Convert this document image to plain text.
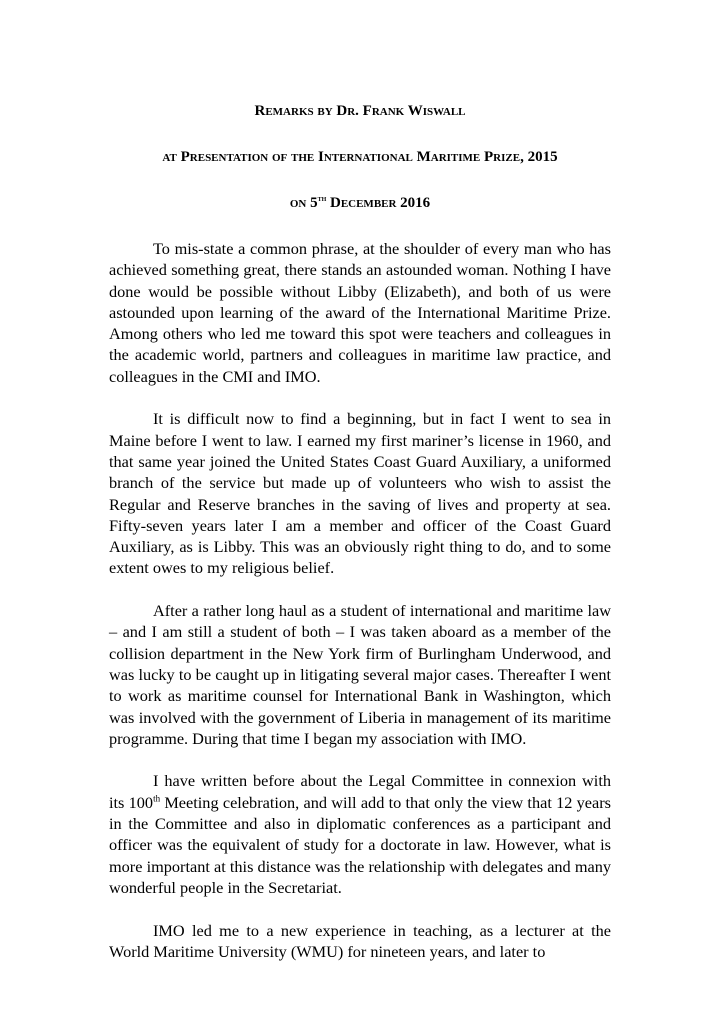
Remarks by Dr. Frank Wiswall
at Presentation of the International Maritime Prize, 2015
on 5th December 2016

To mis-state a common phrase, at the shoulder of every man who has achieved something great, there stands an astounded woman. Nothing I have done would be possible without Libby (Elizabeth), and both of us were astounded upon learning of the award of the International Maritime Prize. Among others who led me toward this spot were teachers and colleagues in the academic world, partners and colleagues in maritime law practice, and colleagues in the CMI and IMO.

It is difficult now to find a beginning, but in fact I went to sea in Maine before I went to law. I earned my first mariner’s license in 1960, and that same year joined the United States Coast Guard Auxiliary, a uniformed branch of the service but made up of volunteers who wish to assist the Regular and Reserve branches in the saving of lives and property at sea. Fifty-seven years later I am a member and officer of the Coast Guard Auxiliary, as is Libby. This was an obviously right thing to do, and to some extent owes to my religious belief.

After a rather long haul as a student of international and maritime law – and I am still a student of both – I was taken aboard as a member of the collision department in the New York firm of Burlingham Underwood, and was lucky to be caught up in litigating several major cases. Thereafter I went to work as maritime counsel for International Bank in Washington, which was involved with the government of Liberia in management of its maritime programme. During that time I began my association with IMO.

I have written before about the Legal Committee in connexion with its 100th Meeting celebration, and will add to that only the view that 12 years in the Committee and also in diplomatic conferences as a participant and officer was the equivalent of study for a doctorate in law. However, what is more important at this distance was the relationship with delegates and many wonderful people in the Secretariat.

IMO led me to a new experience in teaching, as a lecturer at the World Maritime University (WMU) for nineteen years, and later to
